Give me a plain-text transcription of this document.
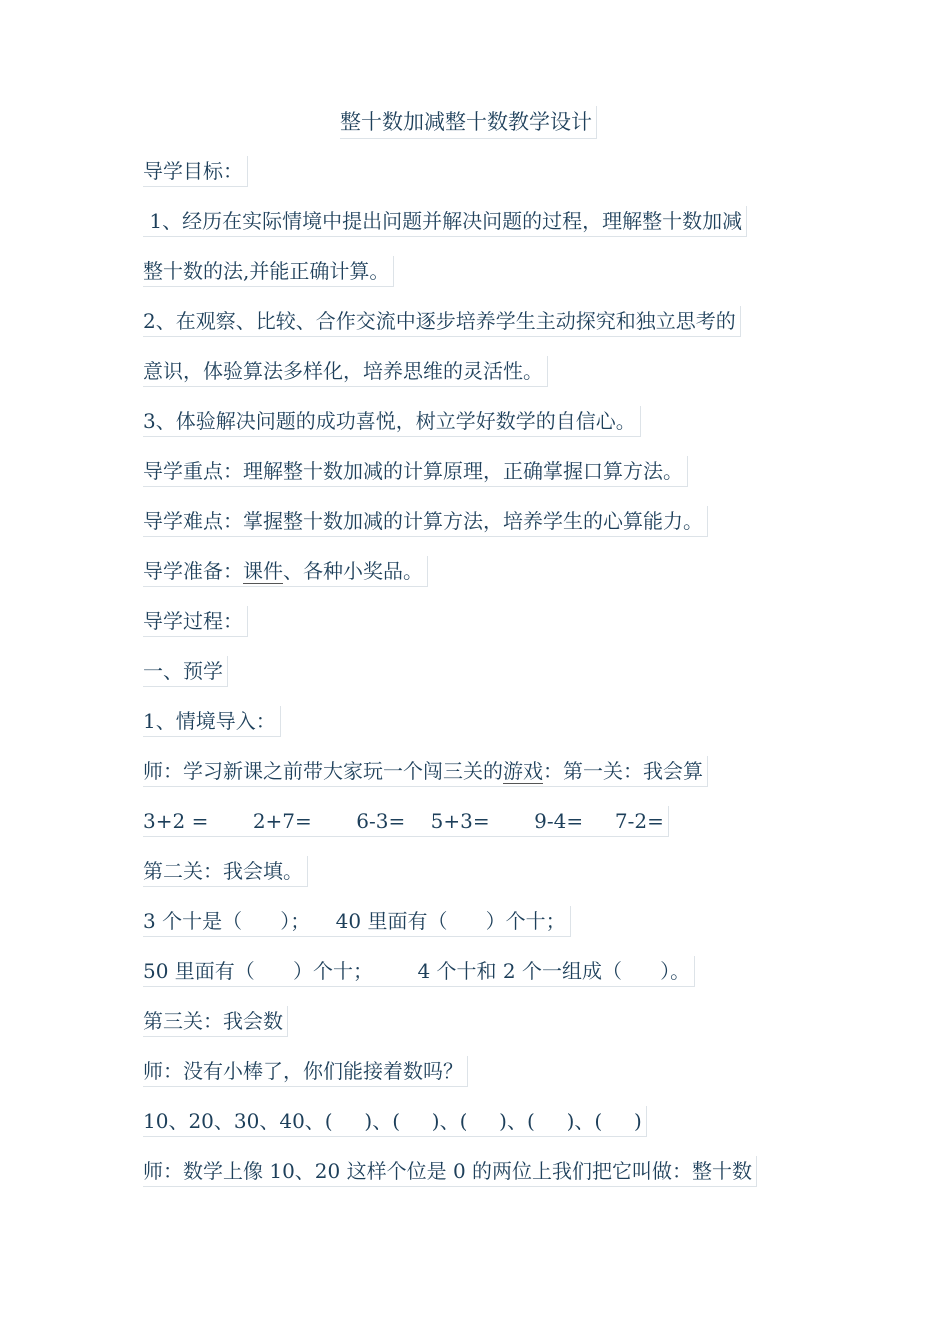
整十数加减整十数教学设计
导学目标：
1、经历在实际情境中提出问题并解决问题的过程，理解整十数加减
整十数的法,并能正确计算。
2、在观察、比较、合作交流中逐步培养学生主动探究和独立思考的
意识，体验算法多样化，培养思维的灵活性。
3、体验解决问题的成功喜悦，树立学好数学的自信心。
导学重点：理解整十数加减的计算原理，正确掌握口算方法。
导学难点：掌握整十数加减的计算方法，培养学生的心算能力。
导学准备：课件、各种小奖品。
导学过程：
一、预学
1、情境导入：
师：学习新课之前带大家玩一个闯三关的游戏：第一关：我会算
3+2 =       2+7=       6-3=    5+3=       9-4=     7-2=
第二关：我会填。
3 个十是（      ）；    40 里面有（      ）个十；
50 里面有（      ）个十；       4 个十和 2 个一组成（      ）。
第三关：我会数
师：没有小棒了，你们能接着数吗？
10、20、30、40、(     )、(     )、(     )、(     )、(     )
师：数学上像 10、20 这样个位是 0 的两位上我们把它叫做：整十数
